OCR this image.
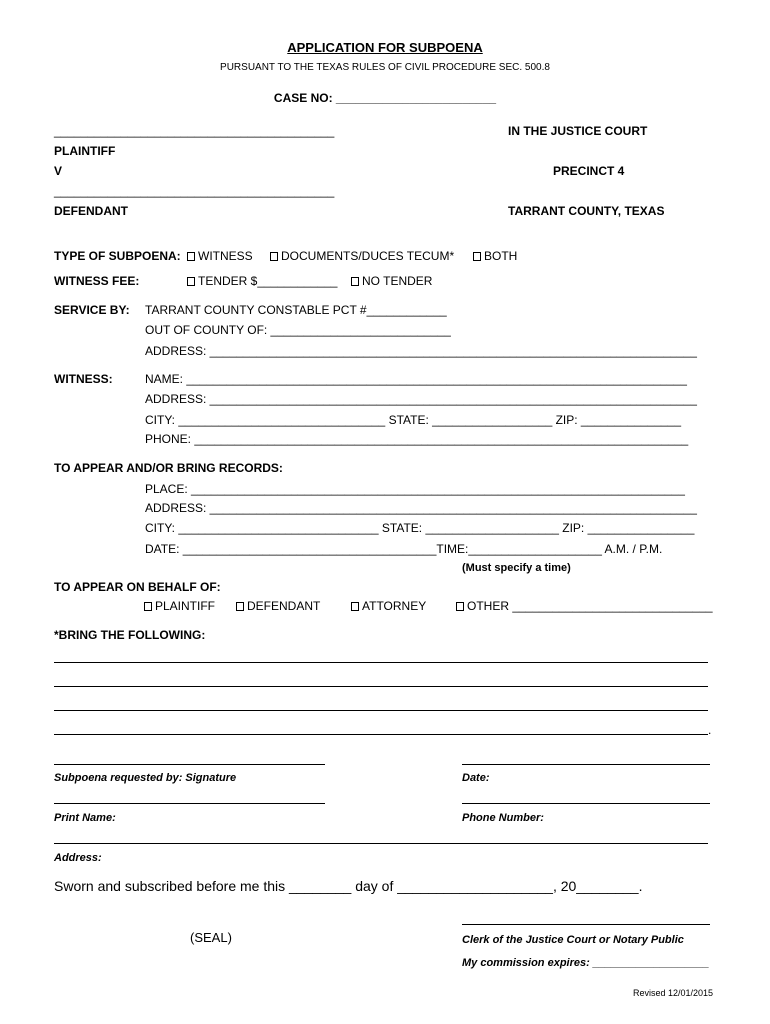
APPLICATION FOR SUBPOENA
PURSUANT TO THE TEXAS RULES OF CIVIL PROCEDURE SEC. 500.8
CASE NO: ________________________
__________________________________________
PLAINTIFF
V
__________________________________________
DEFENDANT
IN THE JUSTICE COURT
PRECINCT 4
TARRANT COUNTY, TEXAS
TYPE OF SUBPOENA:	WITNESS	DOCUMENTS/DUCES TECUM*	BOTH
WITNESS FEE:	TENDER $____________	NO TENDER
SERVICE BY: TARRANT COUNTY CONSTABLE PCT #____________
OUT OF COUNTY OF: ___________________________
ADDRESS: _________________________________________________________________________
WITNESS:	NAME: ___________________________________________________________________________
ADDRESS: _________________________________________________________________________
CITY: _______________________________ STATE: __________________ ZIP: _______________
PHONE: __________________________________________________________________________
TO APPEAR AND/OR BRING RECORDS:
PLACE: __________________________________________________________________________
ADDRESS: _________________________________________________________________________
CITY: ______________________________ STATE: ____________________ ZIP: ________________
DATE: ______________________________________TIME:____________________ A.M. / P.M.
(Must specify a time)
TO APPEAR ON BEHALF OF:
PLAINTIFF	DEFENDANT	ATTORNEY	OTHER ______________________________
*BRING THE FOLLOWING:
.
Subpoena requested by: Signature	Date:
Print Name:	Phone Number:
Address:
Sworn and subscribed before me this ________ day of ____________________, 20________.
(SEAL)	Clerk of the Justice Court or Notary Public
My commission expires: ___________________
Revised 12/01/2015
